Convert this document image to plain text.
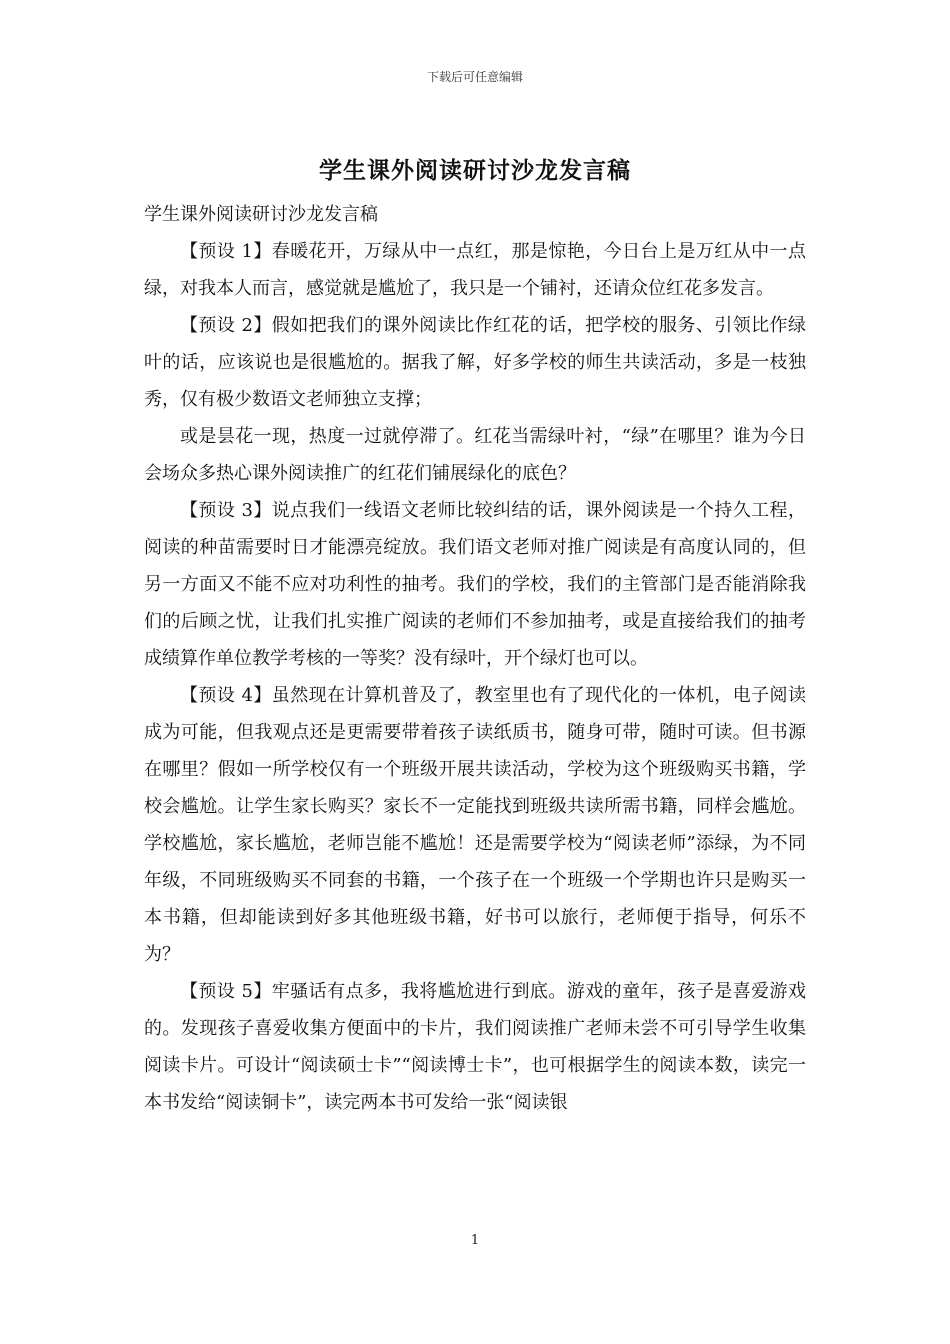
下载后可任意编辑
学生课外阅读研讨沙龙发言稿

学生课外阅读研讨沙龙发言稿

【预设 1】春暖花开，万绿从中一点红，那是惊艳，今日台上是万红从中一点绿，对我本人而言，感觉就是尴尬了，我只是一个铺衬，还请众位红花多发言。

【预设 2】假如把我们的课外阅读比作红花的话，把学校的服务、引领比作绿叶的话，应该说也是很尴尬的。据我了解，好多学校的师生共读活动，多是一枝独秀，仅有极少数语文老师独立支撑；

或是昙花一现，热度一过就停滞了。红花当需绿叶衬，“绿”在哪里？谁为今日会场众多热心课外阅读推广的红花们铺展绿化的底色？

【预设 3】说点我们一线语文老师比较纠结的话，课外阅读是一个持久工程，阅读的种苗需要时日才能漂亮绽放。我们语文老师对推广阅读是有高度认同的，但另一方面又不能不应对功利性的抽考。我们的学校，我们的主管部门是否能消除我们的后顾之忧，让我们扎实推广阅读的老师们不参加抽考，或是直接给我们的抽考成绩算作单位教学考核的一等奖？没有绿叶，开个绿灯也可以。

【预设 4】虽然现在计算机普及了，教室里也有了现代化的一体机，电子阅读成为可能，但我观点还是更需要带着孩子读纸质书，随身可带，随时可读。但书源在哪里？假如一所学校仅有一个班级开展共读活动，学校为这个班级购买书籍，学校会尴尬。让学生家长购买？家长不一定能找到班级共读所需书籍，同样会尴尬。学校尴尬，家长尴尬，老师岂能不尴尬！还是需要学校为“阅读老师”添绿，为不同年级，不同班级购买不同套的书籍，一个孩子在一个班级一个学期也许只是购买一本书籍，但却能读到好多其他班级书籍，好书可以旅行，老师便于指导，何乐不为？

【预设 5】牢骚话有点多，我将尴尬进行到底。游戏的童年，孩子是喜爱游戏的。发现孩子喜爱收集方便面中的卡片，我们阅读推广老师未尝不可引导学生收集阅读卡片。可设计“阅读硕士卡”“阅读博士卡”，也可根据学生的阅读本数，读完一本书发给“阅读铜卡”，读完两本书可发给一张“阅读银

1
